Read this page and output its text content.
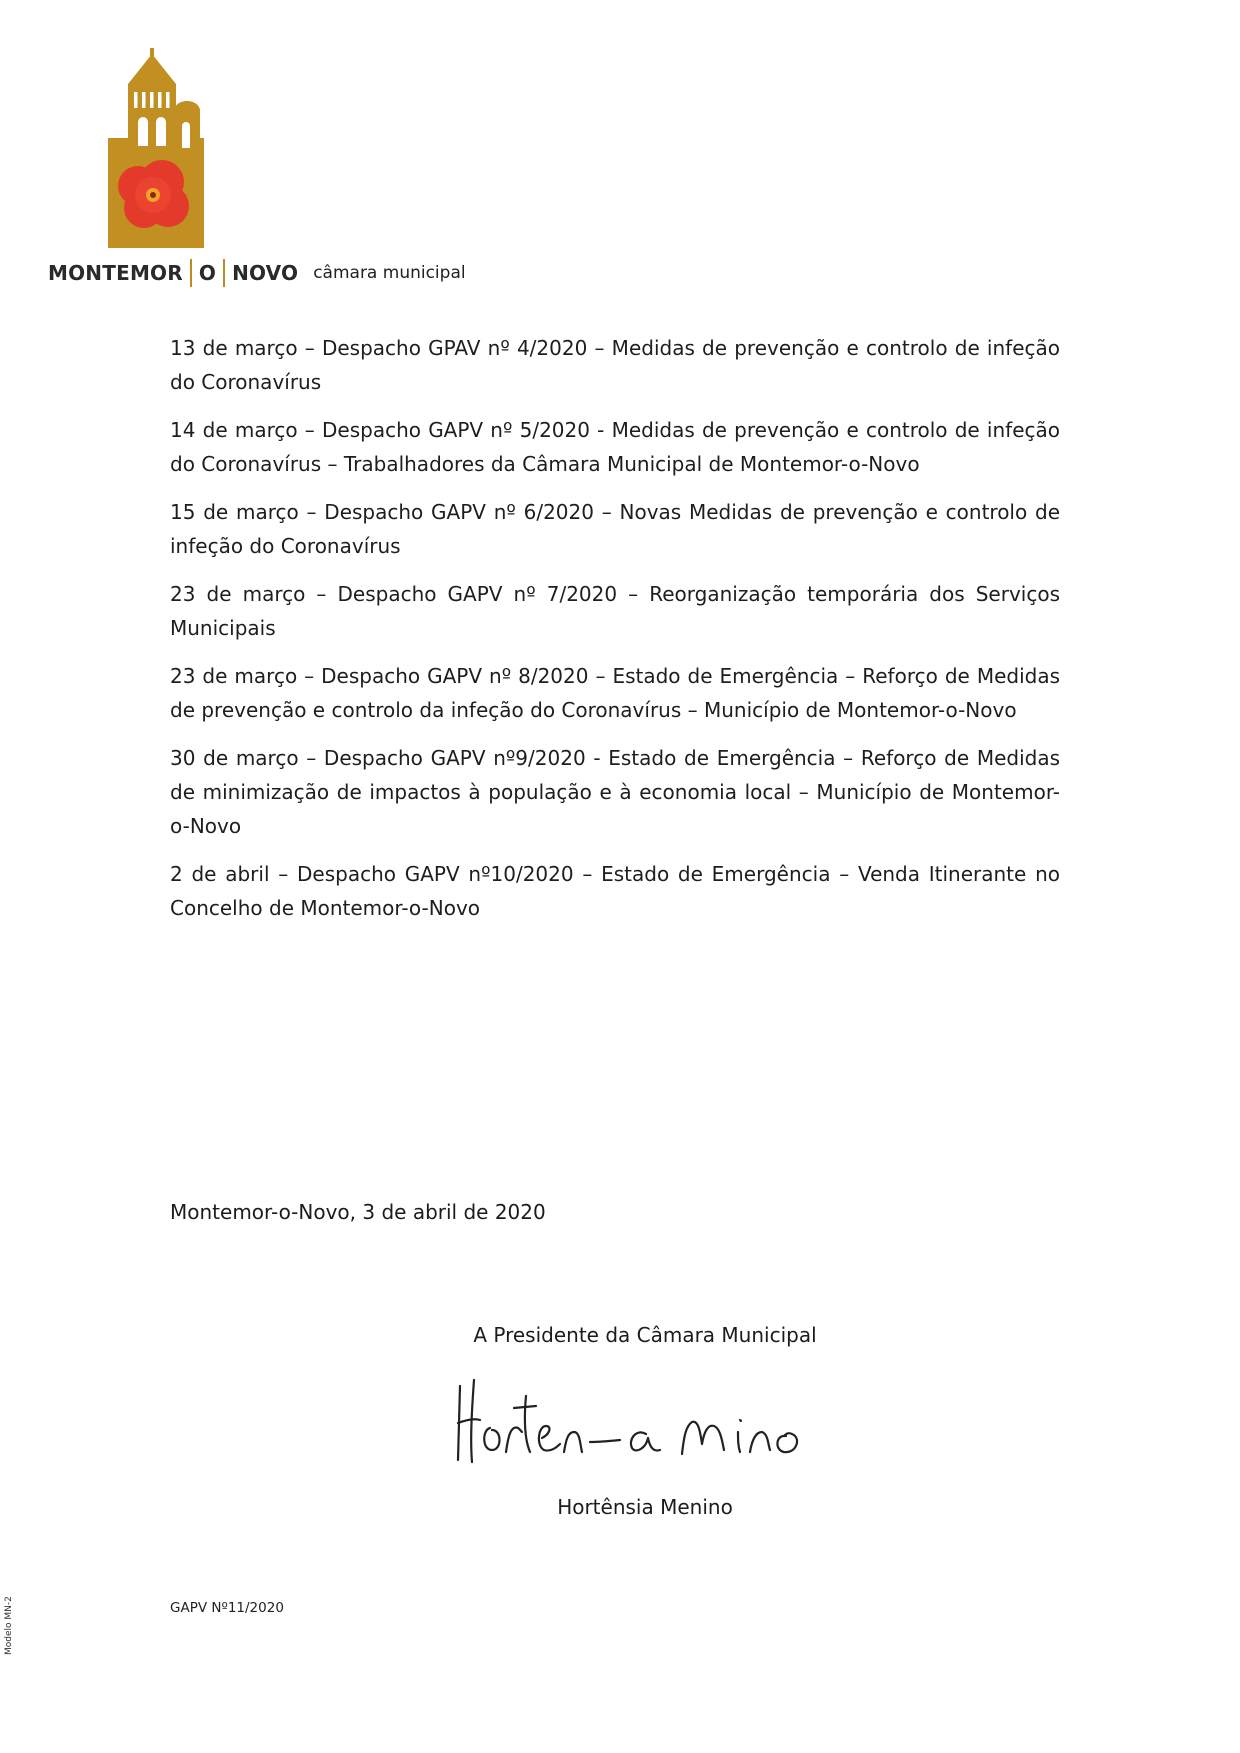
MONTEMOR O NOVO câmara municipal

13 de março – Despacho GPAV nº 4/2020 – Medidas de prevenção e controlo de infeção do Coronavírus

14 de março – Despacho GAPV nº 5/2020 - Medidas de prevenção e controlo de infeção do Coronavírus – Trabalhadores da Câmara Municipal de Montemor-o-Novo

15 de março – Despacho GAPV nº 6/2020 – Novas Medidas de prevenção e controlo de infeção do Coronavírus

23 de março – Despacho GAPV nº 7/2020 – Reorganização temporária dos Serviços Municipais

23 de março – Despacho GAPV nº 8/2020 – Estado de Emergência – Reforço de Medidas de prevenção e controlo da infeção do Coronavírus – Município de Montemor-o-Novo

30 de março – Despacho GAPV nº9/2020 - Estado de Emergência – Reforço de Medidas de minimização de impactos à população e à economia local – Município de Montemor-o-Novo

2 de abril – Despacho GAPV nº10/2020 – Estado de Emergência – Venda Itinerante no Concelho de Montemor-o-Novo

Montemor-o-Novo, 3 de abril de 2020
A Presidente da Câmara Municipal
Hortênsia Menino
GAPV Nº11/2020
Modelo MN-2
